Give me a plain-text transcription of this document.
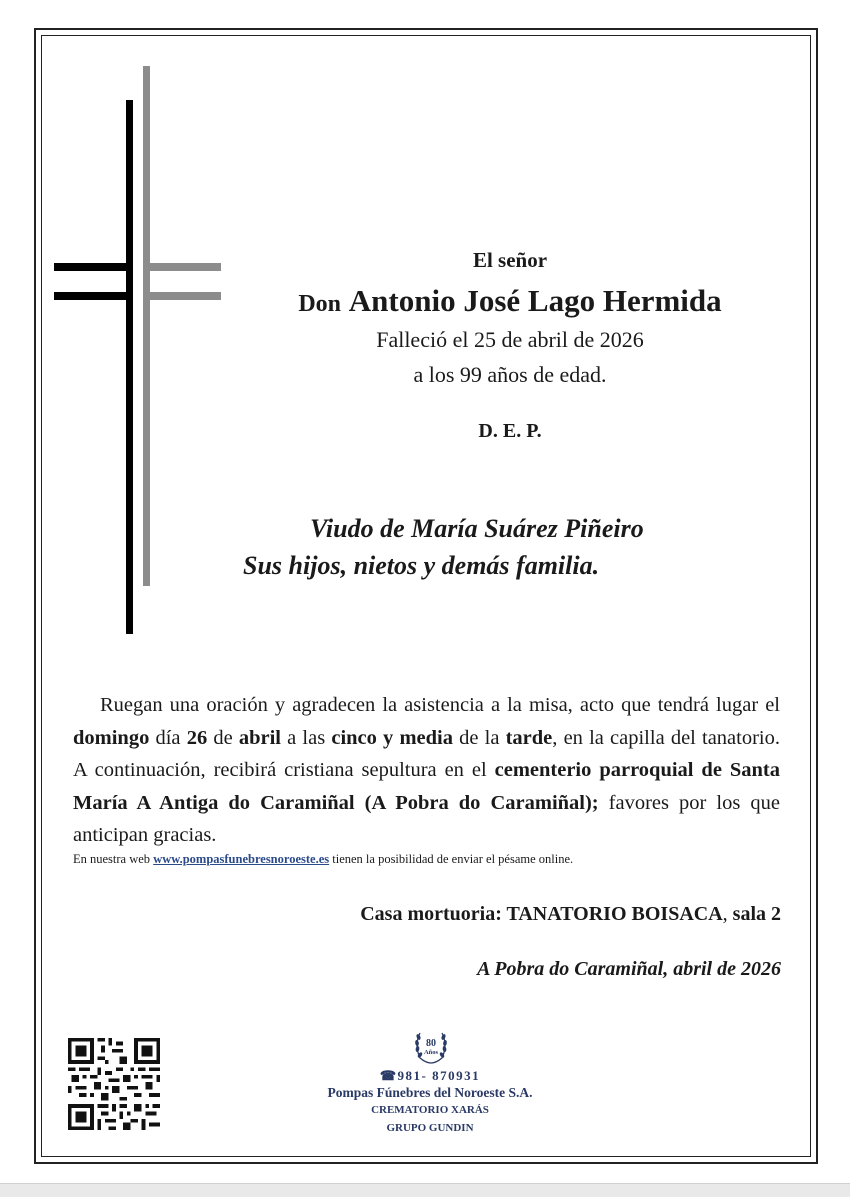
El señor
Don Antonio José Lago Hermida
Falleció el 25 de abril de 2026
a los 99 años de edad.
D. E. P.
Viudo de María Suárez Piñeiro
Sus hijos, nietos y demás familia.
Ruegan una oración y agradecen la asistencia a la misa, acto que tendrá lugar el domingo día 26 de abril a las cinco y media de la tarde, en la capilla del tanatorio. A continuación, recibirá cristiana sepultura en el cementerio parroquial de Santa María A Antiga do Caramiñal (A Pobra do Caramiñal); favores por los que anticipan gracias.
En nuestra web www.pompasfunebresnoroeste.es tienen la posibilidad de enviar el pésame online.
Casa mortuoria: TANATORIO BOISACA, sala 2
A Pobra do Caramiñal, abril de 2026
80
Años
☎981- 870931
Pompas Fúnebres del Noroeste S.A.
CREMATORIO XARÁS
GRUPO GUNDIN
